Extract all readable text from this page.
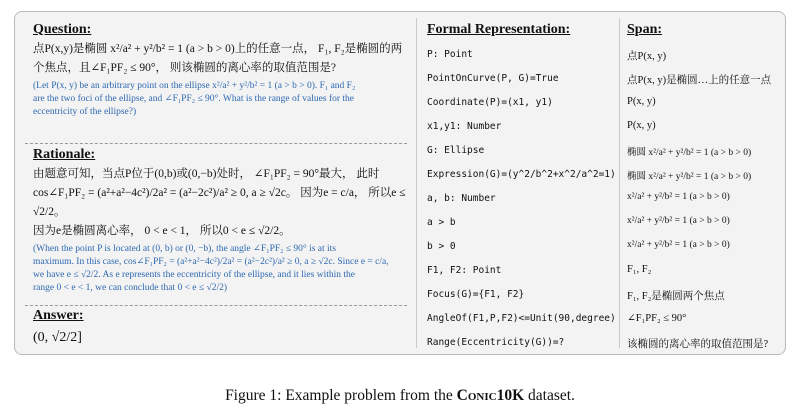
Question:
点P(x,y)是椭圆 x²/a² + y²/b² = 1 (a > b > 0)上的任意一点， F₁, F₂是椭圆的两
个焦点，且∠F₁PF₂ ≤ 90°， 则该椭圆的离心率的取值范围是?
(Let P(x, y) be an arbitrary point on the ellipse x²/a² + y²/b² = 1 (a > b > 0). F₁ and F₂
are the two foci of the ellipse, and ∠F₁PF₂ ≤ 90°. What is the range of values for the
eccentricity of the ellipse?)
Rationale:
由题意可知，当点P位于(0,b)或(0,−b)处时， ∠F₁PF₂ = 90°最大， 此时
cos∠F₁PF₂ = (a²+a²−4c²)/2a² = (a²−2c²)/a² ≥ 0, a ≥ √2c。 因为e = c/a， 所以e ≤ √2/2。
因为e是椭圆离心率， 0 < e < 1， 所以0 < e ≤ √2/2。
(When the point P is located at (0, b) or (0, −b), the angle ∠F₁PF₂ ≤ 90° is at its
maximum. In this case, cos∠F₁PF₂ = (a²+a²−4c²)/2a² = (a²−2c²)/a² ≥ 0, a ≥ √2c. Since e = c/a,
we have e ≤ √2/2. As e represents the eccentricity of the ellipse, and it lies within the
range 0 < e < 1, we can conclude that 0 < e ≤ √2/2)
Answer:
(0, √2/2]
Formal Representation:
P: Point
PointOnCurve(P, G)=True
Coordinate(P)=(x1, y1)
x1,y1: Number
G: Ellipse
Expression(G)=(y^2/b^2+x^2/a^2=1)
a, b: Number
a > b
b > 0
F1, F2: Point
Focus(G)={F1, F2}
AngleOf(F1,P,F2)<=Unit(90,degree)
Range(Eccentricity(G))=?
Span:
点P(x, y)
点P(x, y)是椭圆…上的任意一点
P(x, y)
P(x, y)
椭圆 x²/a² + y²/b² = 1 (a > b > 0)
椭圆 x²/a² + y²/b² = 1 (a > b > 0)
x²/a² + y²/b² = 1 (a > b > 0)
x²/a² + y²/b² = 1 (a > b > 0)
x²/a² + y²/b² = 1 (a > b > 0)
F₁, F₂
F₁, F₂是椭圆两个焦点
∠F₁PF₂ ≤ 90°
该椭圆的离心率的取值范围是?
Figure 1: Example problem from the Conic10K dataset.
